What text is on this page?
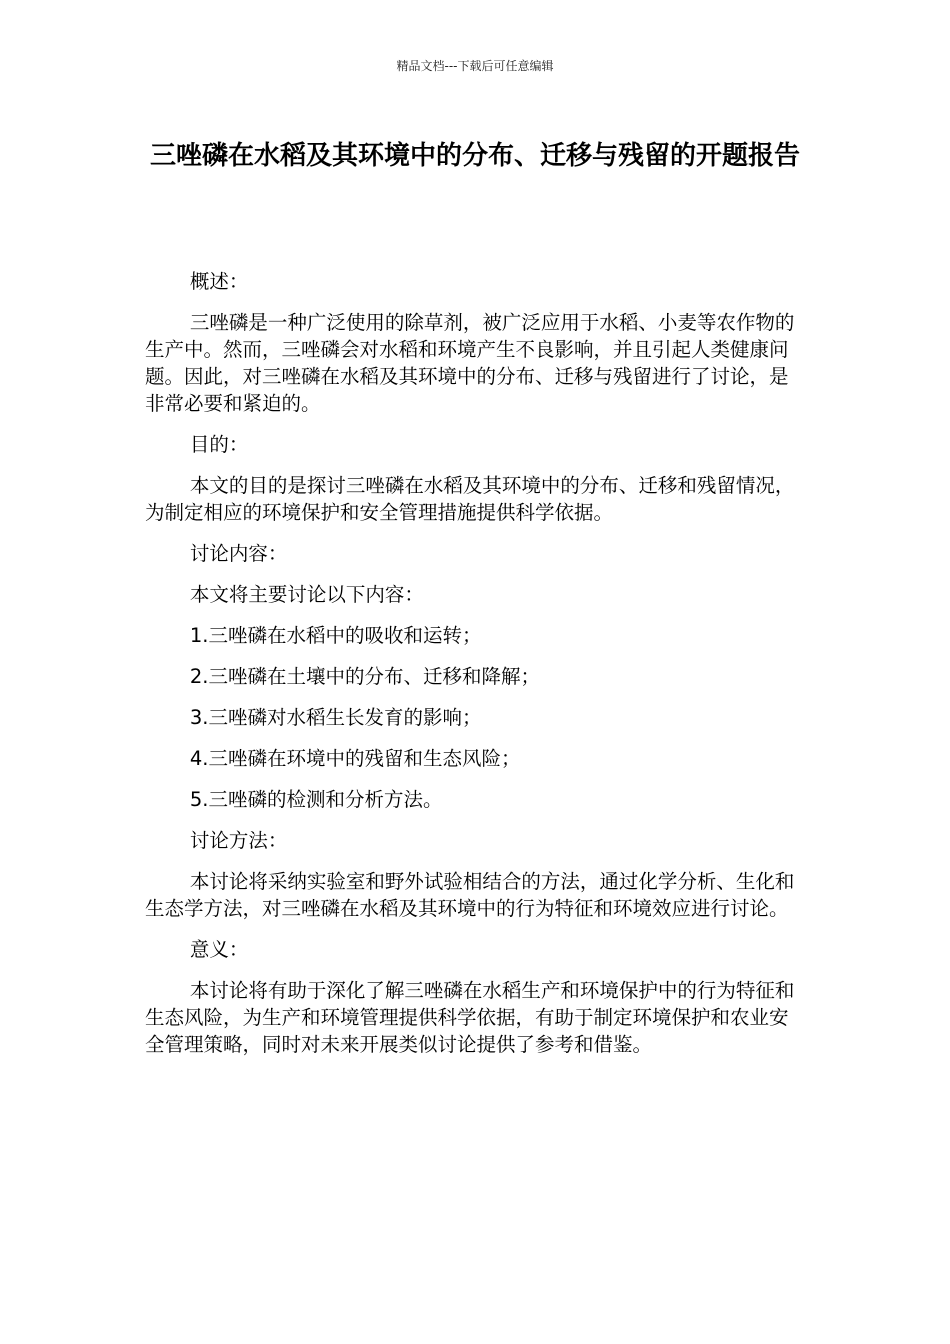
精品文档---下载后可任意编辑
三唑磷在水稻及其环境中的分布、迁移与残留的开题报告

概述：

三唑磷是一种广泛使用的除草剂，被广泛应用于水稻、小麦等农作物的生产中。然而，三唑磷会对水稻和环境产生不良影响，并且引起人类健康问题。因此，对三唑磷在水稻及其环境中的分布、迁移与残留进行了讨论，是非常必要和紧迫的。

目的：

本文的目的是探讨三唑磷在水稻及其环境中的分布、迁移和残留情况，为制定相应的环境保护和安全管理措施提供科学依据。

讨论内容：

本文将主要讨论以下内容：

1.三唑磷在水稻中的吸收和运转；

2.三唑磷在土壤中的分布、迁移和降解；

3.三唑磷对水稻生长发育的影响；

4.三唑磷在环境中的残留和生态风险；

5.三唑磷的检测和分析方法。

讨论方法：

本讨论将采纳实验室和野外试验相结合的方法，通过化学分析、生化和生态学方法，对三唑磷在水稻及其环境中的行为特征和环境效应进行讨论。

意义：

本讨论将有助于深化了解三唑磷在水稻生产和环境保护中的行为特征和生态风险，为生产和环境管理提供科学依据，有助于制定环境保护和农业安全管理策略，同时对未来开展类似讨论提供了参考和借鉴。
